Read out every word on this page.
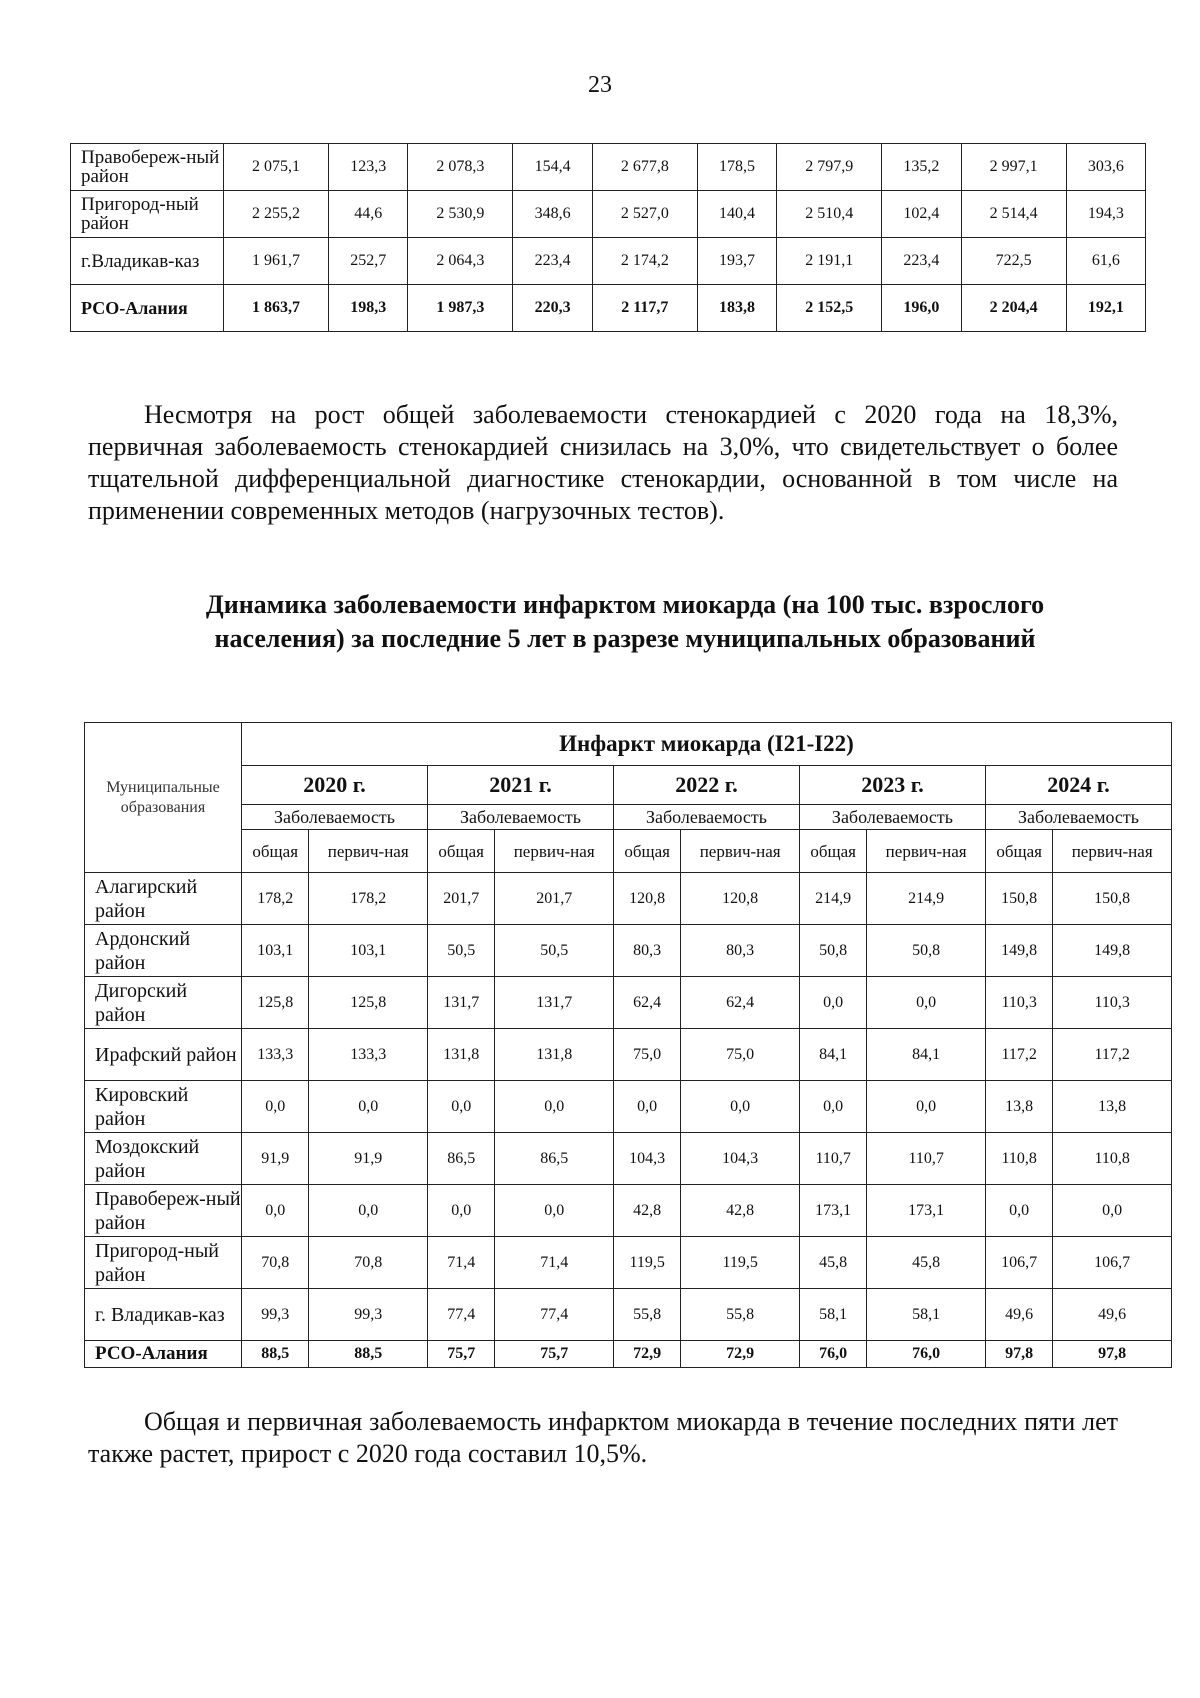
23
Правобереж-ный район	2 075,1	123,3	2 078,3	154,4	2 677,8	178,5	2 797,9	135,2	2 997,1	303,6
Пригород-ный район	2 255,2	44,6	2 530,9	348,6	2 527,0	140,4	2 510,4	102,4	2 514,4	194,3
г.Владикав-каз	1 961,7	252,7	2 064,3	223,4	2 174,2	193,7	2 191,1	223,4	722,5	61,6
РСО-Алания	1 863,7	198,3	1 987,3	220,3	2 117,7	183,8	2 152,5	196,0	2 204,4	192,1

Несмотря на рост общей заболеваемости стенокардией с 2020 года на 18,3%, первичная заболеваемость стенокардией снизилась на 3,0%, что свидетельствует о более тщательной дифференциальной диагностике стенокардии, основанной в том числе на применении современных методов (нагрузочных тестов).

Динамика заболеваемости инфарктом миокарда (на 100 тыс. взрослого населения) за последние 5 лет в разрезе муниципальных образований
Муниципальные образования	Инфаркт миокарда (I21-I22)									
	2020 г.		2021 г.		2022 г.		2023 г.		2024 г.	
	Заболеваемость		Заболеваемость		Заболеваемость		Заболеваемость		Заболеваемость	
	общая	первич-ная	общая	первич-ная	общая	первич-ная	общая	первич-ная	общая	первич-ная
Алагирский район	178,2	178,2	201,7	201,7	120,8	120,8	214,9	214,9	150,8	150,8
Ардонский район	103,1	103,1	50,5	50,5	80,3	80,3	50,8	50,8	149,8	149,8
Дигорский район	125,8	125,8	131,7	131,7	62,4	62,4	0,0	0,0	110,3	110,3
Ирафский район	133,3	133,3	131,8	131,8	75,0	75,0	84,1	84,1	117,2	117,2
Кировский район	0,0	0,0	0,0	0,0	0,0	0,0	0,0	0,0	13,8	13,8
Моздокский район	91,9	91,9	86,5	86,5	104,3	104,3	110,7	110,7	110,8	110,8
Правобереж-ный район	0,0	0,0	0,0	0,0	42,8	42,8	173,1	173,1	0,0	0,0
Пригород-ный район	70,8	70,8	71,4	71,4	119,5	119,5	45,8	45,8	106,7	106,7
г. Владикав-каз	99,3	99,3	77,4	77,4	55,8	55,8	58,1	58,1	49,6	49,6
РСО-Алания	88,5	88,5	75,7	75,7	72,9	72,9	76,0	76,0	97,8	97,8

Общая и первичная заболеваемость инфарктом миокарда в течение последних пяти лет также растет, прирост с 2020 года составил 10,5%.
